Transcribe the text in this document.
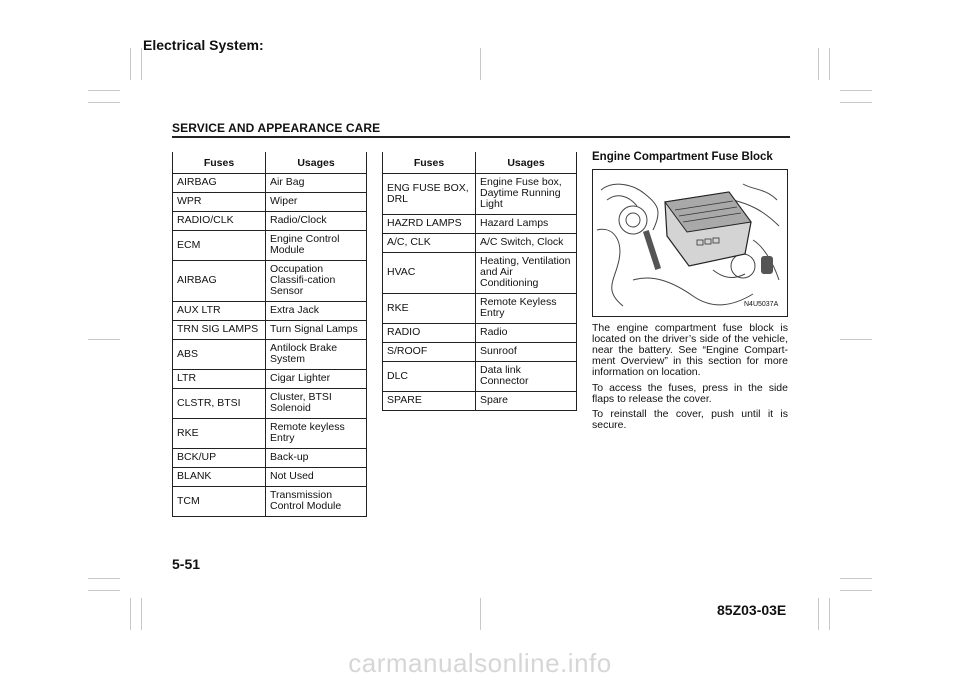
Electrical System:
SERVICE AND APPEARANCE CARE
Fuses	Usages
AIRBAG	Air Bag
WPR	Wiper
RADIO/CLK	Radio/Clock
ECM	Engine Control Module
AIRBAG	Occupation Classifi-cation Sensor
AUX LTR	Extra Jack
TRN SIG LAMPS	Turn Signal Lamps
ABS	Antilock Brake System
LTR	Cigar Lighter
CLSTR, BTSI	Cluster, BTSI Solenoid
RKE	Remote keyless Entry
BCK/UP	Back-up
BLANK	Not Used
TCM	Transmission Control Module
Fuses	Usages
ENG FUSE BOX, DRL	Engine Fuse box, Daytime Running Light
HAZRD LAMPS	Hazard Lamps
A/C, CLK	A/C Switch, Clock
HVAC	Heating, Ventilation and Air Conditioning
RKE	Remote Keyless Entry
RADIO	Radio
S/ROOF	Sunroof
DLC	Data link Connector
SPARE	Spare
Engine Compartment Fuse Block
N4U5037A

The engine compartment fuse block is located on the driver’s side of the vehicle, near the battery. See “Engine Compart-ment Overview” in this section for more information on location.

To access the fuses, press in the side flaps to release the cover.

To reinstall the cover, push until it is secure.

5-51
85Z03-03E
carmanualsonline.info
